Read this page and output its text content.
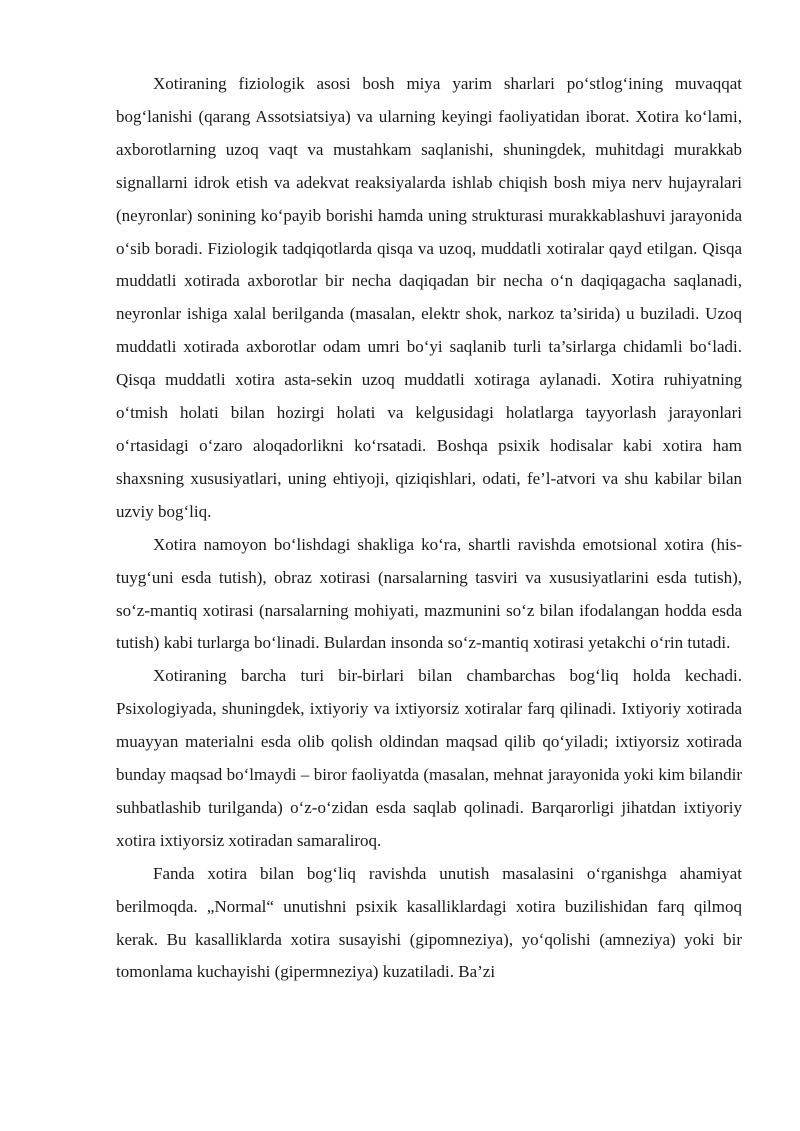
Xotiraning fiziologik asosi bosh miya yarim sharlari po‘stlog‘ining muvaqqat bog‘lanishi (qarang Assotsiatsiya) va ularning keyingi faoliyatidan iborat. Xotira ko‘lami, axborotlarning uzoq vaqt va mustahkam saqlanishi, shuningdek, muhitdagi murakkab signallarni idrok etish va adekvat reaksiyalarda ishlab chiqish bosh miya nerv hujayralari (neyronlar) sonining ko‘payib borishi hamda uning strukturasi murakkablashuvi jarayonida o‘sib boradi. Fiziologik tadqiqotlarda qisqa va uzoq, muddatli xotiralar qayd etilgan. Qisqa muddatli xotirada axborotlar bir necha daqiqadan bir necha o‘n daqiqagacha saqlanadi, neyronlar ishiga xalal berilganda (masalan, elektr shok, narkoz ta’sirida) u buziladi. Uzoq muddatli xotirada axborotlar odam umri bo‘yi saqlanib turli ta’sirlarga chidamli bo‘ladi. Qisqa muddatli xotira asta-sekin uzoq muddatli xotiraga aylanadi. Xotira ruhiyatning o‘tmish holati bilan hozirgi holati va kelgusidagi holatlarga tayyorlash jarayonlari o‘rtasidagi o‘zaro aloqadorlikni ko‘rsatadi. Boshqa psixik hodisalar kabi xotira ham shaxsning xususiyatlari, uning ehtiyoji, qiziqishlari, odati, fe’l-atvori va shu kabilar bilan uzviy bog‘liq.

Xotira namoyon bo‘lishdagi shakliga ko‘ra, shartli ravishda emotsional xotira (his-tuyg‘uni esda tutish), obraz xotirasi (narsalarning tasviri va xususiyatlarini esda tutish), so‘z-mantiq xotirasi (narsalarning mohiyati, mazmunini so‘z bilan ifodalangan hodda esda tutish) kabi turlarga bo‘linadi. Bulardan insonda so‘z-mantiq xotirasi yetakchi o‘rin tutadi.

Xotiraning barcha turi bir-birlari bilan chambarchas bog‘liq holda kechadi. Psixologiyada, shuningdek, ixtiyoriy va ixtiyorsiz xotiralar farq qilinadi. Ixtiyoriy xotirada muayyan materialni esda olib qolish oldindan maqsad qilib qo‘yiladi; ixtiyorsiz xotirada bunday maqsad bo‘lmaydi – biror faoliyatda (masalan, mehnat jarayonida yoki kim bilandir suhbatlashib turilganda) o‘z-o‘zidan esda saqlab qolinadi. Barqarorligi jihatdan ixtiyoriy xotira ixtiyorsiz xotiradan samaraliroq.

Fanda xotira bilan bog‘liq ravishda unutish masalasini o‘rganishga ahamiyat berilmoqda. „Normal“ unutishni psixik kasalliklardagi xotira buzilishidan farq qilmoq kerak. Bu kasalliklarda xotira susayishi (gipomneziya), yo‘qolishi (amneziya) yoki bir tomonlama kuchayishi (gipermneziya) kuzatiladi. Ba’zi
